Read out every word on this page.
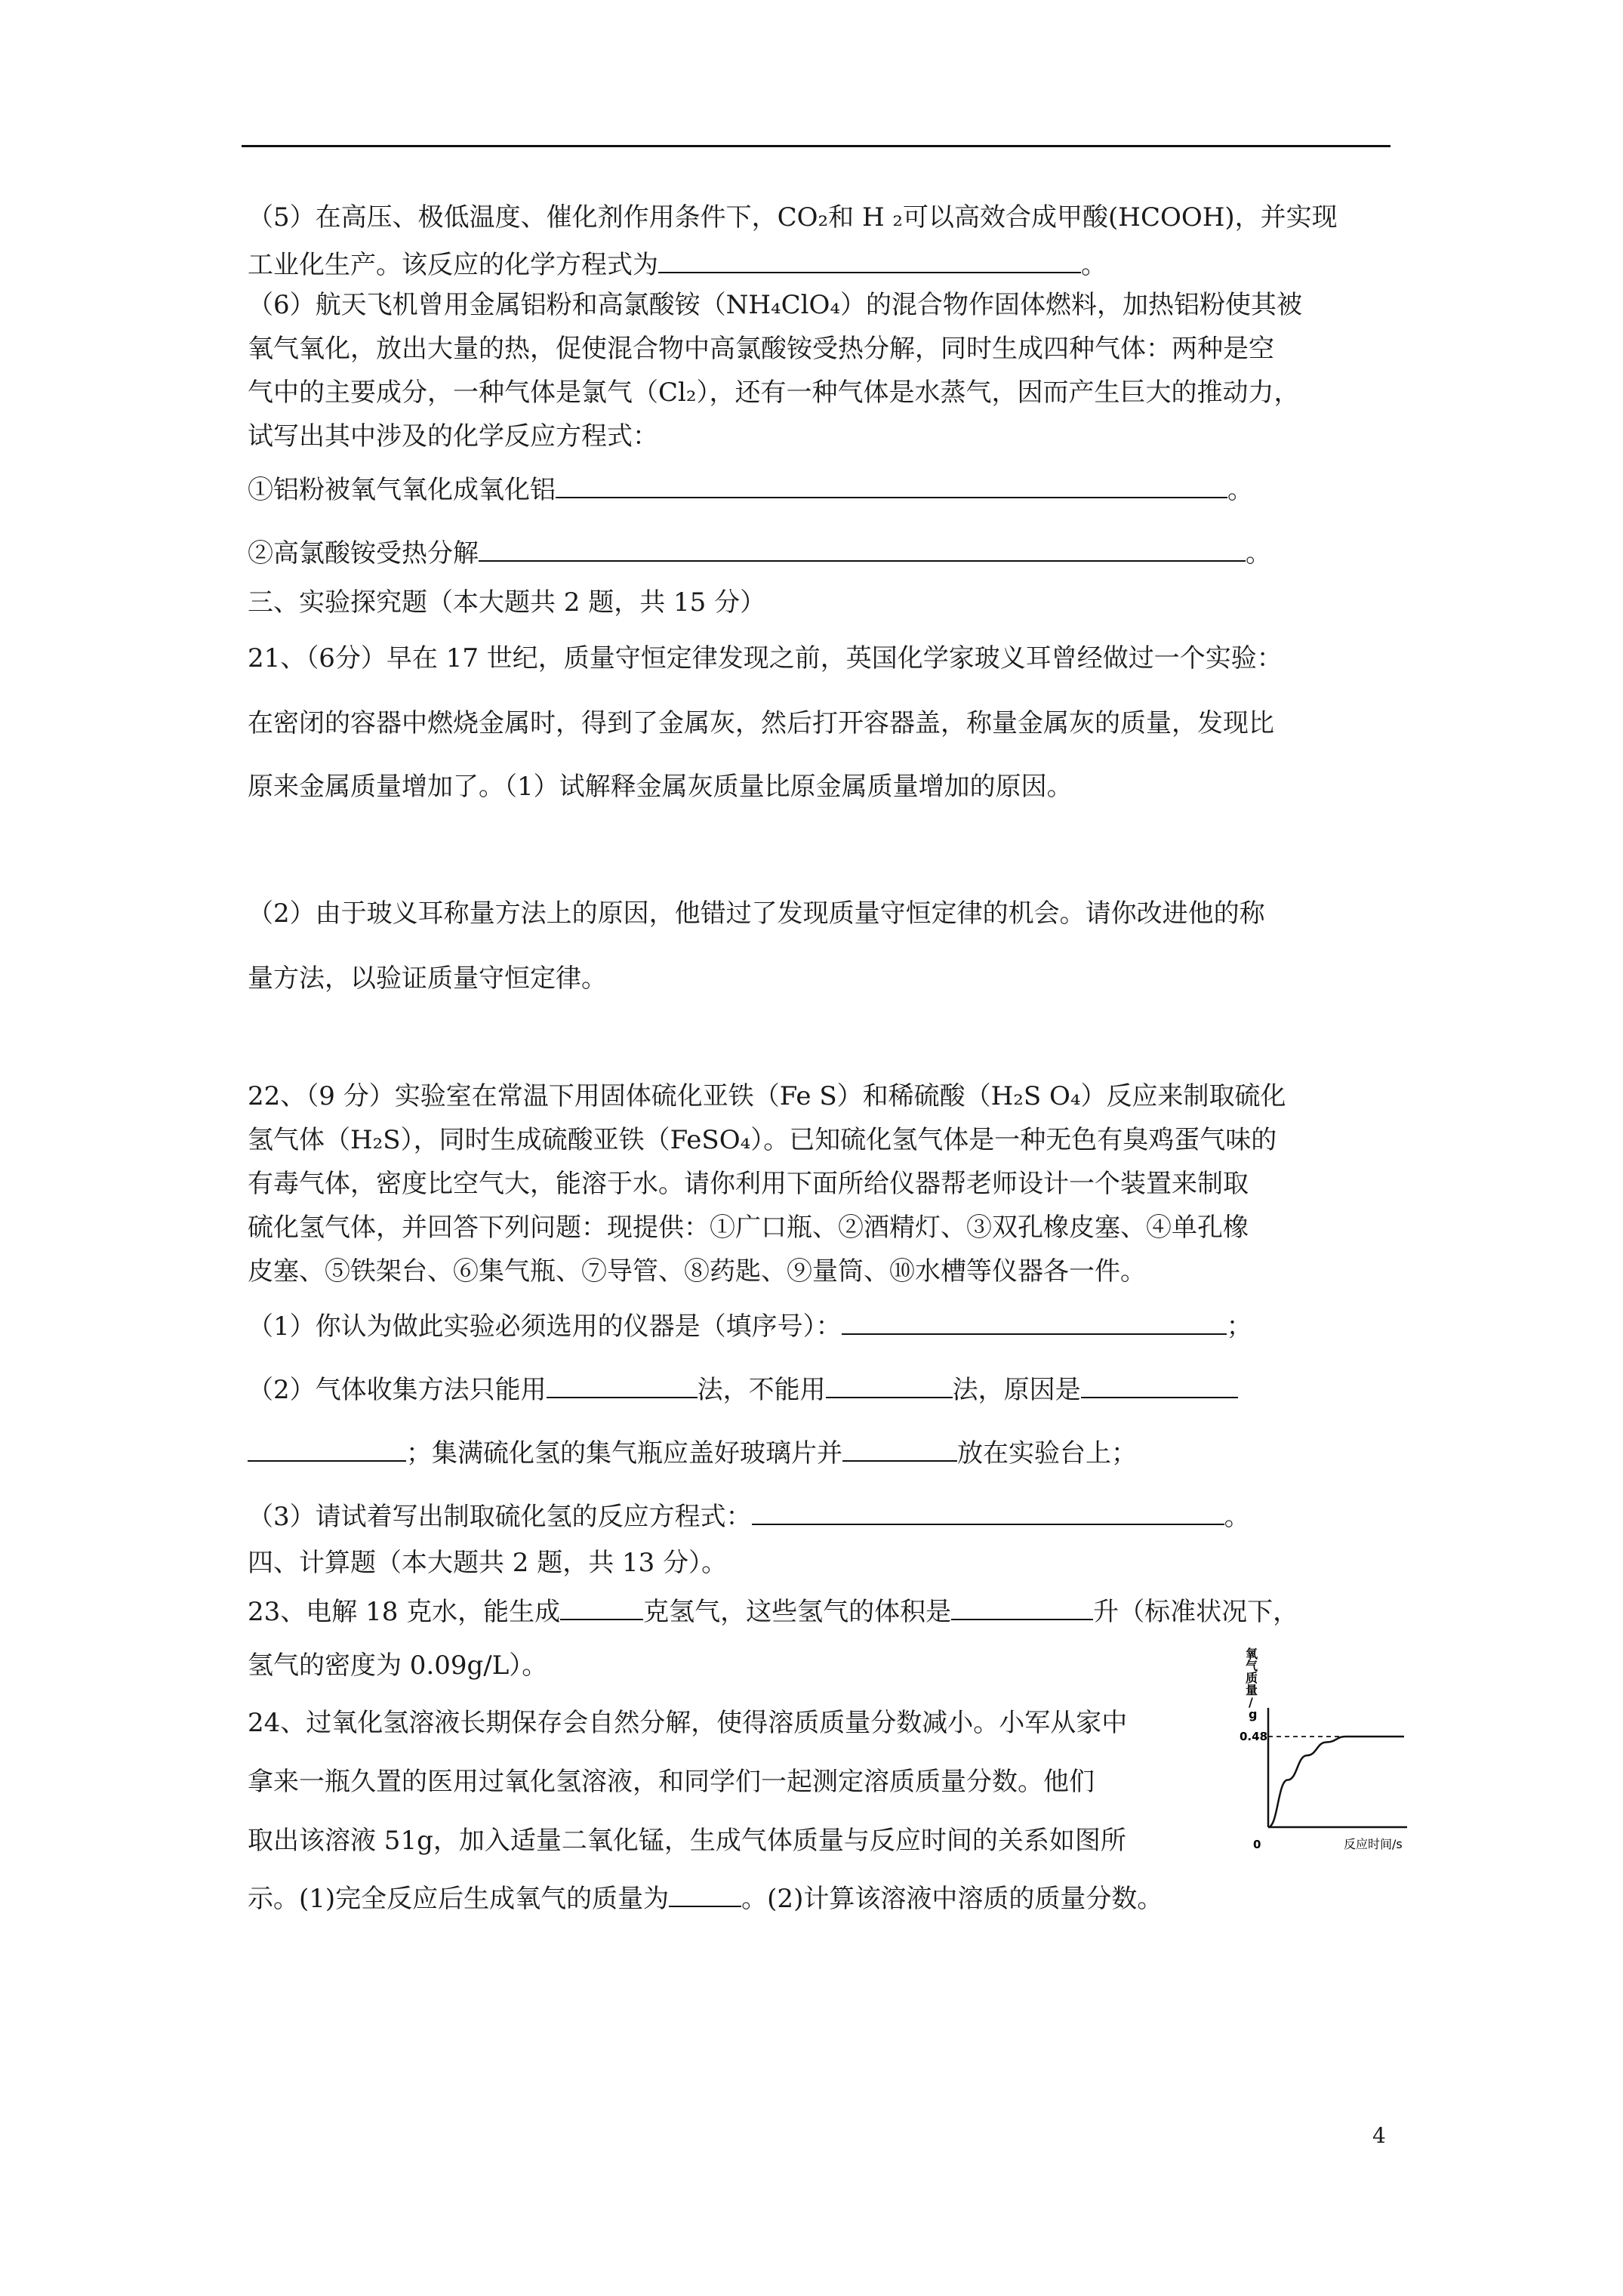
（5）在高压、极低温度、催化剂作用条件下，CO₂和 H ₂可以高效合成甲酸(HCOOH)，并实现
工业化生产。该反应的化学方程式为	。
（6）航天飞机曾用金属铝粉和高氯酸铵（NH₄ClO₄）的混合物作固体燃料，加热铝粉使其被
氧气氧化，放出大量的热，促使混合物中高氯酸铵受热分解，同时生成四种气体：两种是空
气中的主要成分，一种气体是氯气（Cl₂），还有一种气体是水蒸气，因而产生巨大的推动力，
试写出其中涉及的化学反应方程式：
①铝粉被氧气氧化成氧化铝	。
②高氯酸铵受热分解	。
三、实验探究题（本大题共 2 题，共 15 分）
21、（6分）早在 17 世纪，质量守恒定律发现之前，英国化学家玻义耳曾经做过一个实验：
在密闭的容器中燃烧金属时，得到了金属灰，然后打开容器盖，称量金属灰的质量，发现比
原来金属质量增加了。（1）试解释金属灰质量比原金属质量增加的原因。
（2）由于玻义耳称量方法上的原因，他错过了发现质量守恒定律的机会。请你改进他的称
量方法，以验证质量守恒定律。
22、（9 分）实验室在常温下用固体硫化亚铁（Fe S）和稀硫酸（H₂S O₄）反应来制取硫化
氢气体（H₂S），同时生成硫酸亚铁（FeSO₄）。已知硫化氢气体是一种无色有臭鸡蛋气味的
有毒气体，密度比空气大，能溶于水。请你利用下面所给仪器帮老师设计一个装置来制取
硫化氢气体，并回答下列问题：现提供：①广口瓶、②酒精灯、③双孔橡皮塞、④单孔橡
皮塞、⑤铁架台、⑥集气瓶、⑦导管、⑧药匙、⑨量筒、⑩水槽等仪器各一件。
（1）你认为做此实验必须选用的仪器是（填序号）：	；
（2）气体收集方法只能用	法，不能用	法，原因是
；集满硫化氢的集气瓶应盖好玻璃片并	放在实验台上；
（3）请试着写出制取硫化氢的反应方程式：	。
四、计算题（本大题共 2 题，共 13 分）。
23、电解 18 克水，能生成	克氢气，这些氢气的体积是	升（标准状况下，
氢气的密度为 0.09g/L）。
24、过氧化氢溶液长期保存会自然分解，使得溶质质量分数减小。小军从家中
拿来一瓶久置的医用过氧化氢溶液，和同学们一起测定溶质质量分数。他们
取出该溶液 51g，加入适量二氧化锰，生成气体质量与反应时间的关系如图所
示。(1)完全反应后生成氧气的质量为	。(2)计算该溶液中溶质的质量分数。
氧气质量/ g
0.48
0	反应时间/s
4
